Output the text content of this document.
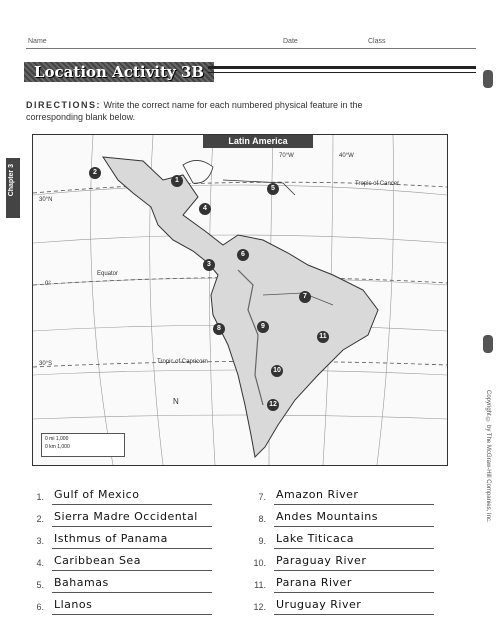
Name	Date	Class
Location Activity 3B
DIRECTIONS: Write the correct name for each numbered physical feature in the corresponding blank below.
Chapter 3
Latin America
Tropic of Cancer
Equator
Tropic of Capricorn
30°N
0°
30°S
70°W	40°W
N
1
2
3
4
5
6
7
8	9
10
11
12
0 mi 1,000
0 km 1,000	Copyright © by The McGraw-Hill Companies, Inc.
1. Gulf of Mexico
2. Sierra Madre Occidental
3. Isthmus of Panama
4. Caribbean Sea
5. Bahamas
6. Llanos
7. Amazon River
8. Andes Mountains
9. Lake Titicaca
10. Paraguay River
11. Parana River
12. Uruguay River
